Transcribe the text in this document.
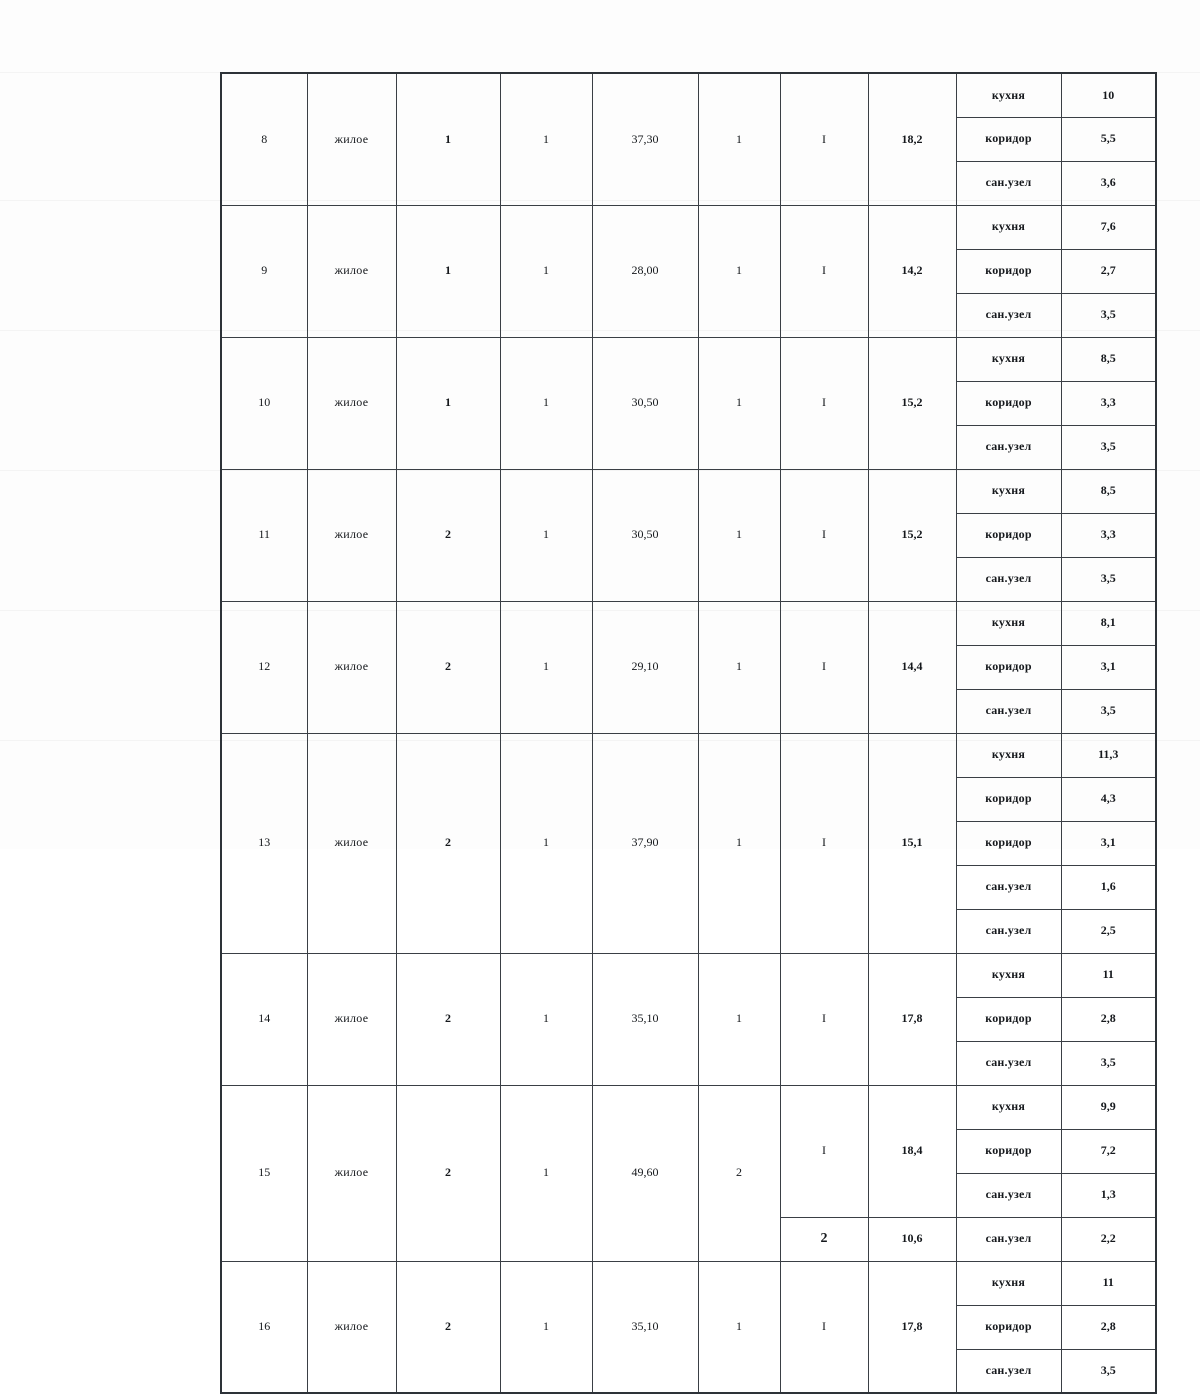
8	жилое	1	1	37,30	1	I	18,2	кухня	10
								коридор	5,5
								сан.узел	3,6
9	жилое	1	1	28,00	1	I	14,2	кухня	7,6
								коридор	2,7
								сан.узел	3,5
10	жилое	1	1	30,50	1	I	15,2	кухня	8,5
								коридор	3,3
								сан.узел	3,5
11	жилое	2	1	30,50	1	I	15,2	кухня	8,5
								коридор	3,3
								сан.узел	3,5
12	жилое	2	1	29,10	1	I	14,4	кухня	8,1
								коридор	3,1
								сан.узел	3,5
13	жилое	2	1	37,90	1	I	15,1	кухня	11,3
								коридор	4,3
								коридор	3,1
								сан.узел	1,6
								сан.узел	2,5
14	жилое	2	1	35,10	1	I	17,8	кухня	11
								коридор	2,8
								сан.узел	3,5
15	жилое	2	1	49,60	2	I	18,4	кухня	9,9
								коридор	7,2
								сан.узел	1,3
						2	10,6	сан.узел	2,2
16	жилое	2	1	35,10	1	I	17,8	кухня	11
								коридор	2,8
								сан.узел	3,5
